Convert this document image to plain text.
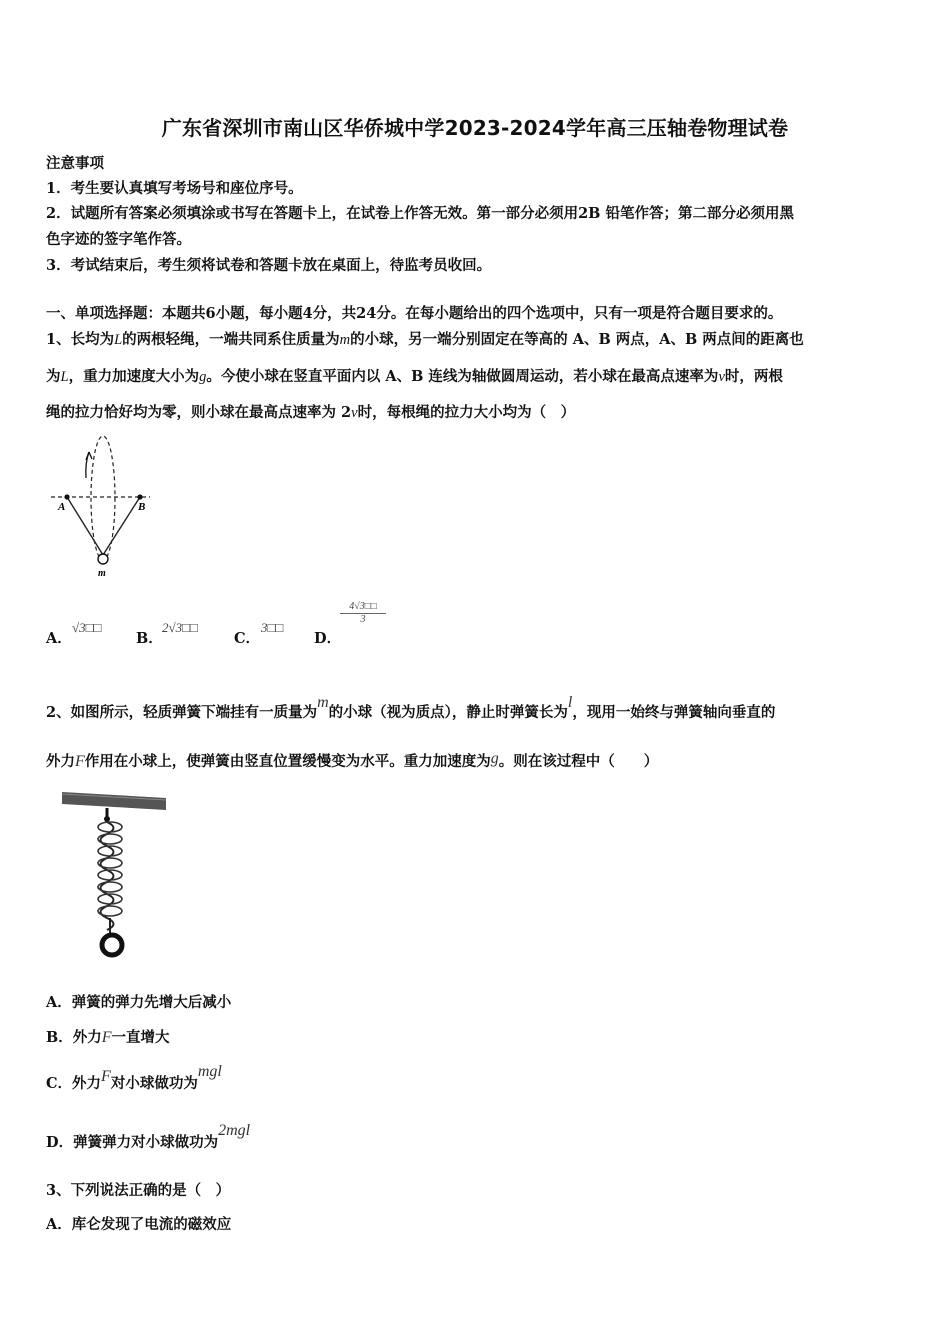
广东省深圳市南山区华侨城中学2023-2024学年高三压轴卷物理试卷
注意事项
1．考生要认真填写考场号和座位序号。
2．试题所有答案必须填涂或书写在答题卡上，在试卷上作答无效。第一部分必须用2B 铅笔作答；第二部分必须用黑
色字迹的签字笔作答。
3．考试结束后，考生须将试卷和答题卡放在桌面上，待监考员收回。
一、单项选择题：本题共6小题，每小题4分，共24分。在每小题给出的四个选项中，只有一项是符合题目要求的。
1、长均为L的两根轻绳，一端共同系住质量为m的小球，另一端分别固定在等高的 A、B 两点，A、B 两点间的距离也
为L，重力加速度大小为g。今使小球在竖直平面内以 A、B 连线为轴做圆周运动，若小球在最高点速率为v时，两根
绳的拉力恰好均为零，则小球在最高点速率为 2v时，每根绳的拉力大小均为（　）
A	B
m
A．
√3□□
B．
2√3□□
C．
3□□
D．
$\frac{4√3□□}{3}$
2、如图所示，轻质弹簧下端挂有一质量为m的小球（视为质点），静止时弹簧长为l，现用一始终与弹簧轴向垂直的
外力F作用在小球上，使弹簧由竖直位置缓慢变为水平。重力加速度为g。则在该过程中（　　）
A．弹簧的弹力先增大后减小
B．外力F一直增大
C．外力F对小球做功为mgl
D．弹簧弹力对小球做功为2mgl
3、下列说法正确的是（　）
A．库仑发现了电流的磁效应
